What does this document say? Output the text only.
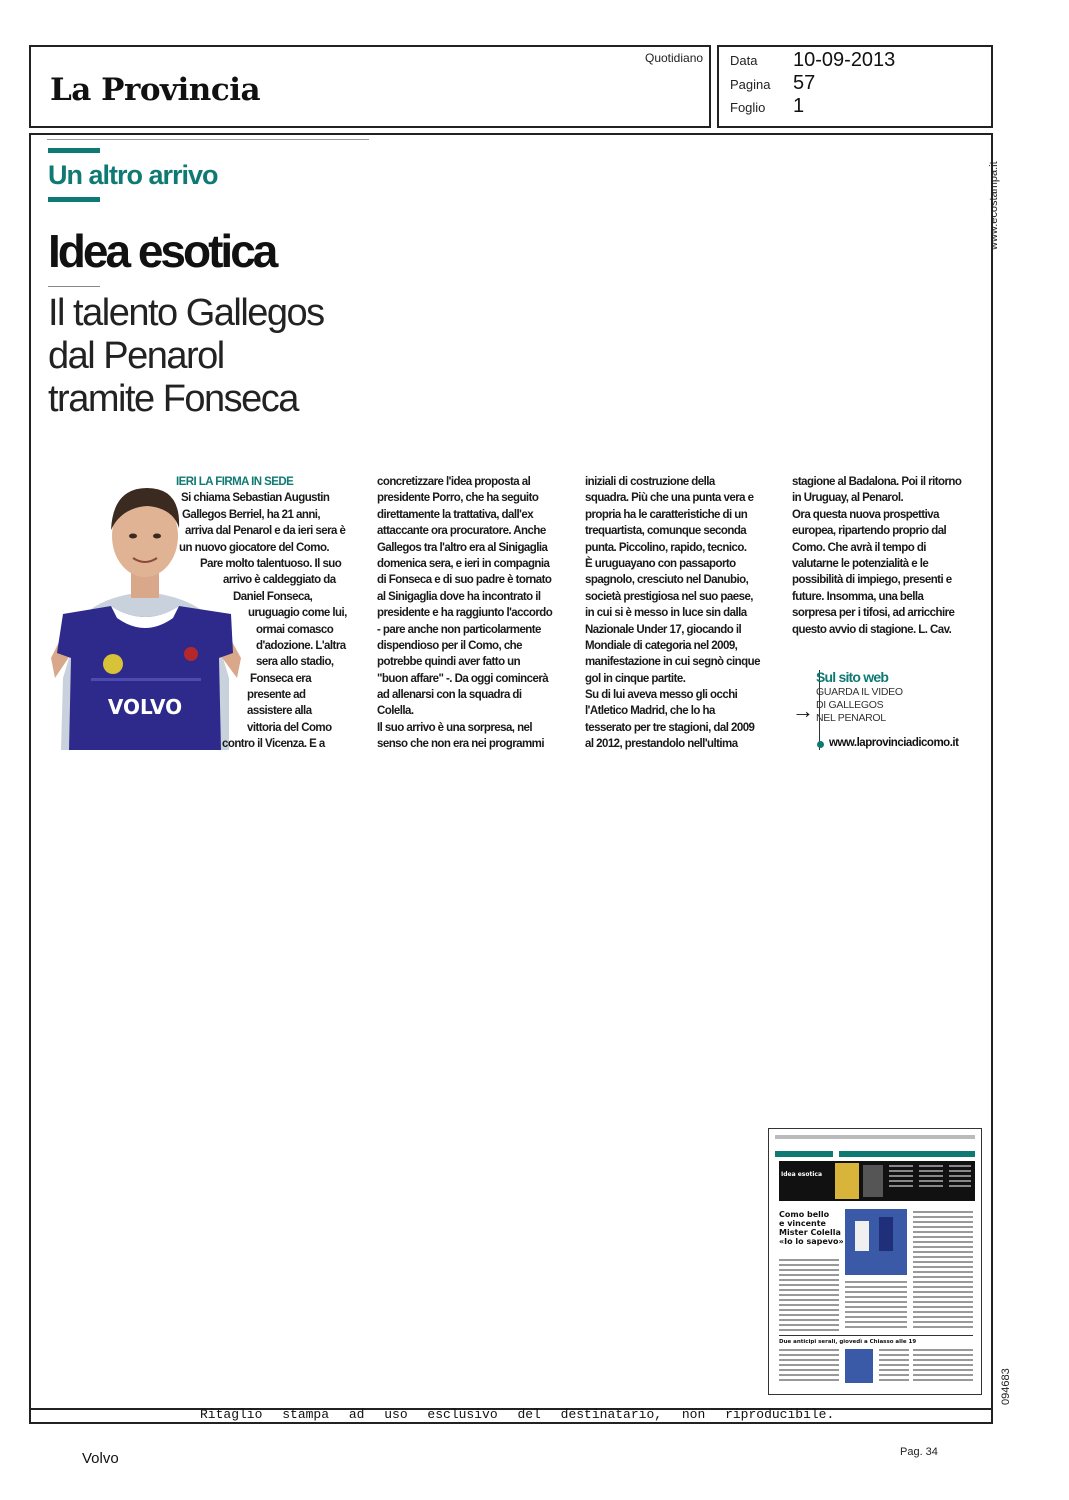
La Provincia
Quotidiano Data 10-09-2013
Pagina 57
Foglio 1
Ritaglio stampa ad uso esclusivo del destinatario, non riproducibile.
www.ecostampa.it
094683
Un altro arrivo
Idea esotica
Il talento Gallegos
dal Penarol
tramite Fonseca
VOLVO
IERI LA FIRMA IN SEDE
Si chiama Sebastian Augustin
Gallegos Berriel, ha 21 anni,
arriva dal Penarol e da ieri sera è
un nuovo giocatore del Como.
Pare molto talentuoso. Il suo
arrivo è caldeggiato da
Daniel Fonseca,
uruguagio come lui,
ormai comasco
d'adozione. L'altra
sera allo stadio,
Fonseca era
presente ad
assistere alla
vittoria del Como
contro il Vicenza. E a
concretizzare l'idea proposta al
presidente Porro, che ha seguito
direttamente la trattativa, dall'ex
attaccante ora procuratore. Anche
Gallegos tra l'altro era al Sinigaglia
domenica sera, e ieri in compagnia
di Fonseca e di suo padre è tornato
al Sinigaglia dove ha incontrato il
presidente e ha raggiunto l'accordo
- pare anche non particolarmente
dispendioso per il Como, che
potrebbe quindi aver fatto un
"buon affare" -. Da oggi comincerà
ad allenarsi con la squadra di
Colella.
Il suo arrivo è una sorpresa, nel
senso che non era nei programmi
iniziali di costruzione della
squadra. Più che una punta vera e
propria ha le caratteristiche di un
trequartista, comunque seconda
punta. Piccolino, rapido, tecnico.
È uruguayano con passaporto
spagnolo, cresciuto nel Danubio,
società prestigiosa nel suo paese,
in cui si è messo in luce sin dalla
Nazionale Under 17, giocando il
Mondiale di categoria nel 2009,
manifestazione in cui segnò cinque
gol in cinque partite.
Su di lui aveva messo gli occhi
l'Atletico Madrid, che lo ha
tesserato per tre stagioni, dal 2009
al 2012, prestandolo nell'ultima
stagione al Badalona. Poi il ritorno
in Uruguay, al Penarol.
Ora questa nuova prospettiva
europea, ripartendo proprio dal
Como. Che avrà il tempo di
valutarne le potenzialità e le
possibilità di impiego, presenti e
future. Insomma, una bella
sorpresa per i tifosi, ad arricchire
questo avvio di stagione. L. Cav.
Sul sito web
GUARDA IL VIDEO
DI GALLEGOS
NEL PENAROL
→
www.laprovinciadicomo.it
Idea esotica
Como bello
e vincente
Mister Colella
«Io lo sapevo»
Due anticipi serali, giovedì a Chiasso alle 19
Volvo	Pag. 34
